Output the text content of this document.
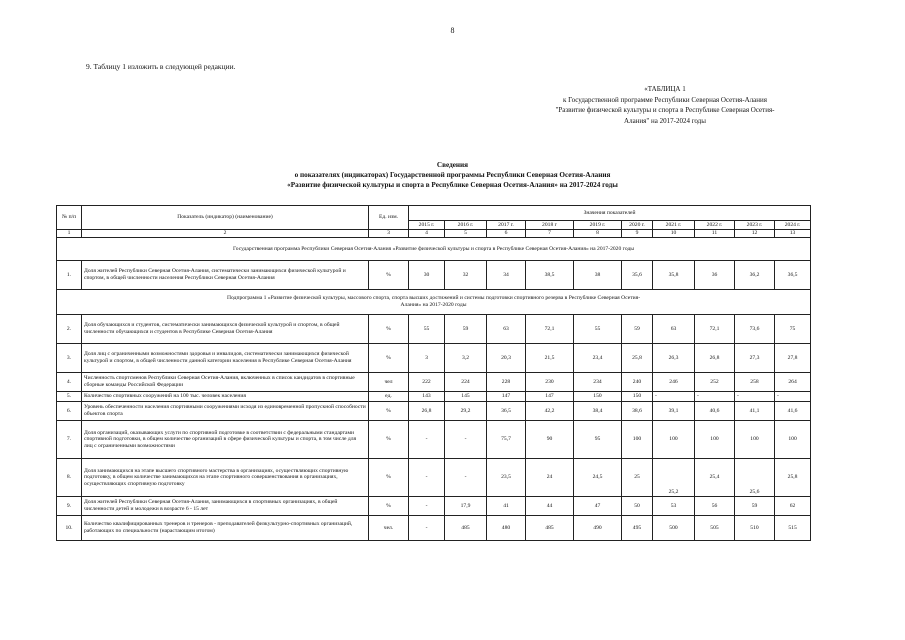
8
9. Таблицу 1 изложить в следующей редакции.
«ТАБЛИЦА 1
к Государственной программе Республики Северная Осетия-Алания
"Развитие физической культуры и спорта в Республике Северная Осетия-
Алания" на 2017-2024 годы
Сведения
о показателях (индикаторах) Государственной программы Республики Северная Осетия-Алания
«Развитие физической культуры и спорта в Республике Северная Осетия-Алания» на 2017-2024 годы
№ п/п	Показатель (индикатор) (наименование)	Ед. изм.	Значения показателей									
			2015 г.	2016 г.	2017 г.	2018 г	2019 г.	2020 г.	2021 г.	2022 г.	2023 г.	2024 г.
1	2	3	4	5	6	7	8	9	10	11	12	13
Государственная программа Республики Северная Осетия-Алания «Развитие физической культуры и спорта в Республике Северная Осетия-Алания» на 2017-2020 годы												
1.	Доля жителей Республики Северная Осетия-Алания, систематически занимающихся физической культурой и спортом, в общей численности населения Республики Северная Осетия-Алания	%	30	32	34	38,5	38	35,6	35,8	36	36,2	36,5

Подпрограмма 1 «Развитие физической культуры, массового спорта, спорта высших достижений и системы подготовки спортивного резерва в Республике Северная Осетия-
Алания» на 2017-2020 годы												

2.	Доля обучающихся и студентов, систематически занимающихся физической культурой и спортом, в общей численности обучающихся и студентов в Республике Северная Осетия-Алания	%	55	59	63	72,1	55	59	63	72,1	73,6	75
3.	Доля лиц с ограниченными возможностями здоровья и инвалидов, систематически занимающихся физической культурой и спортом, в общей численности данной категории населения в Республике Северная Осетия-Алания	%	3	3,2	20,3	21,5	23,4	25,8	26,3	26,8	27,3	27,8
4.	Численность спортсменов Республики Северная Осетия-Алания, включенных в список кандидатов в спортивные сборные команды Российской Федерации	чел	222	224	228	230	234	240	246	252	258	264
5.	Количество спортивных сооружений на 100 тыс. человек населения	ед.	143	145	147	147	150	150	-	-	-	-
6.	Уровень обеспеченности населения спортивными сооружениями исходя из единовременной пропускной способности объектов спорта	%	26,8	29,2	36,5	42,2	38,4	38,6	39,1	40,6	41,1	41,6
7.	Доля организаций, оказывающих услуги по спортивной подготовке в соответствии с федеральными стандартами спортивной подготовки, в общем количестве организаций в сфере физической культуры и спорта, в том числе для лиц с ограниченными возможностями	%	-	-	75,7	90	95	100	100	100	100	100
8.	Доля занимающихся на этапе высшего спортивного мастерства в организациях, осуществляющих спортивную подготовку, в общем количестве занимающихся на этапе спортивного совершенствования в организациях, осуществляющих спортивную подготовку	%	-	-	23,5	24	24,5	25	25,2	25,4	25,6	25,8
9.	Доля жителей Республики Северная Осетия-Алания, занимающихся в спортивных организациях, в общей численности детей и молодежи в возрасте 6 - 15 лет	%	-	17,9	41	44	47	50	53	56	59	62
10.	Количество квалифицированных тренеров и тренеров - преподавателей физкультурно-спортивных организаций, работающих по специальности (нарастающим итогом)	чел.	-	485	480	485	490	495	500	505	510	515
